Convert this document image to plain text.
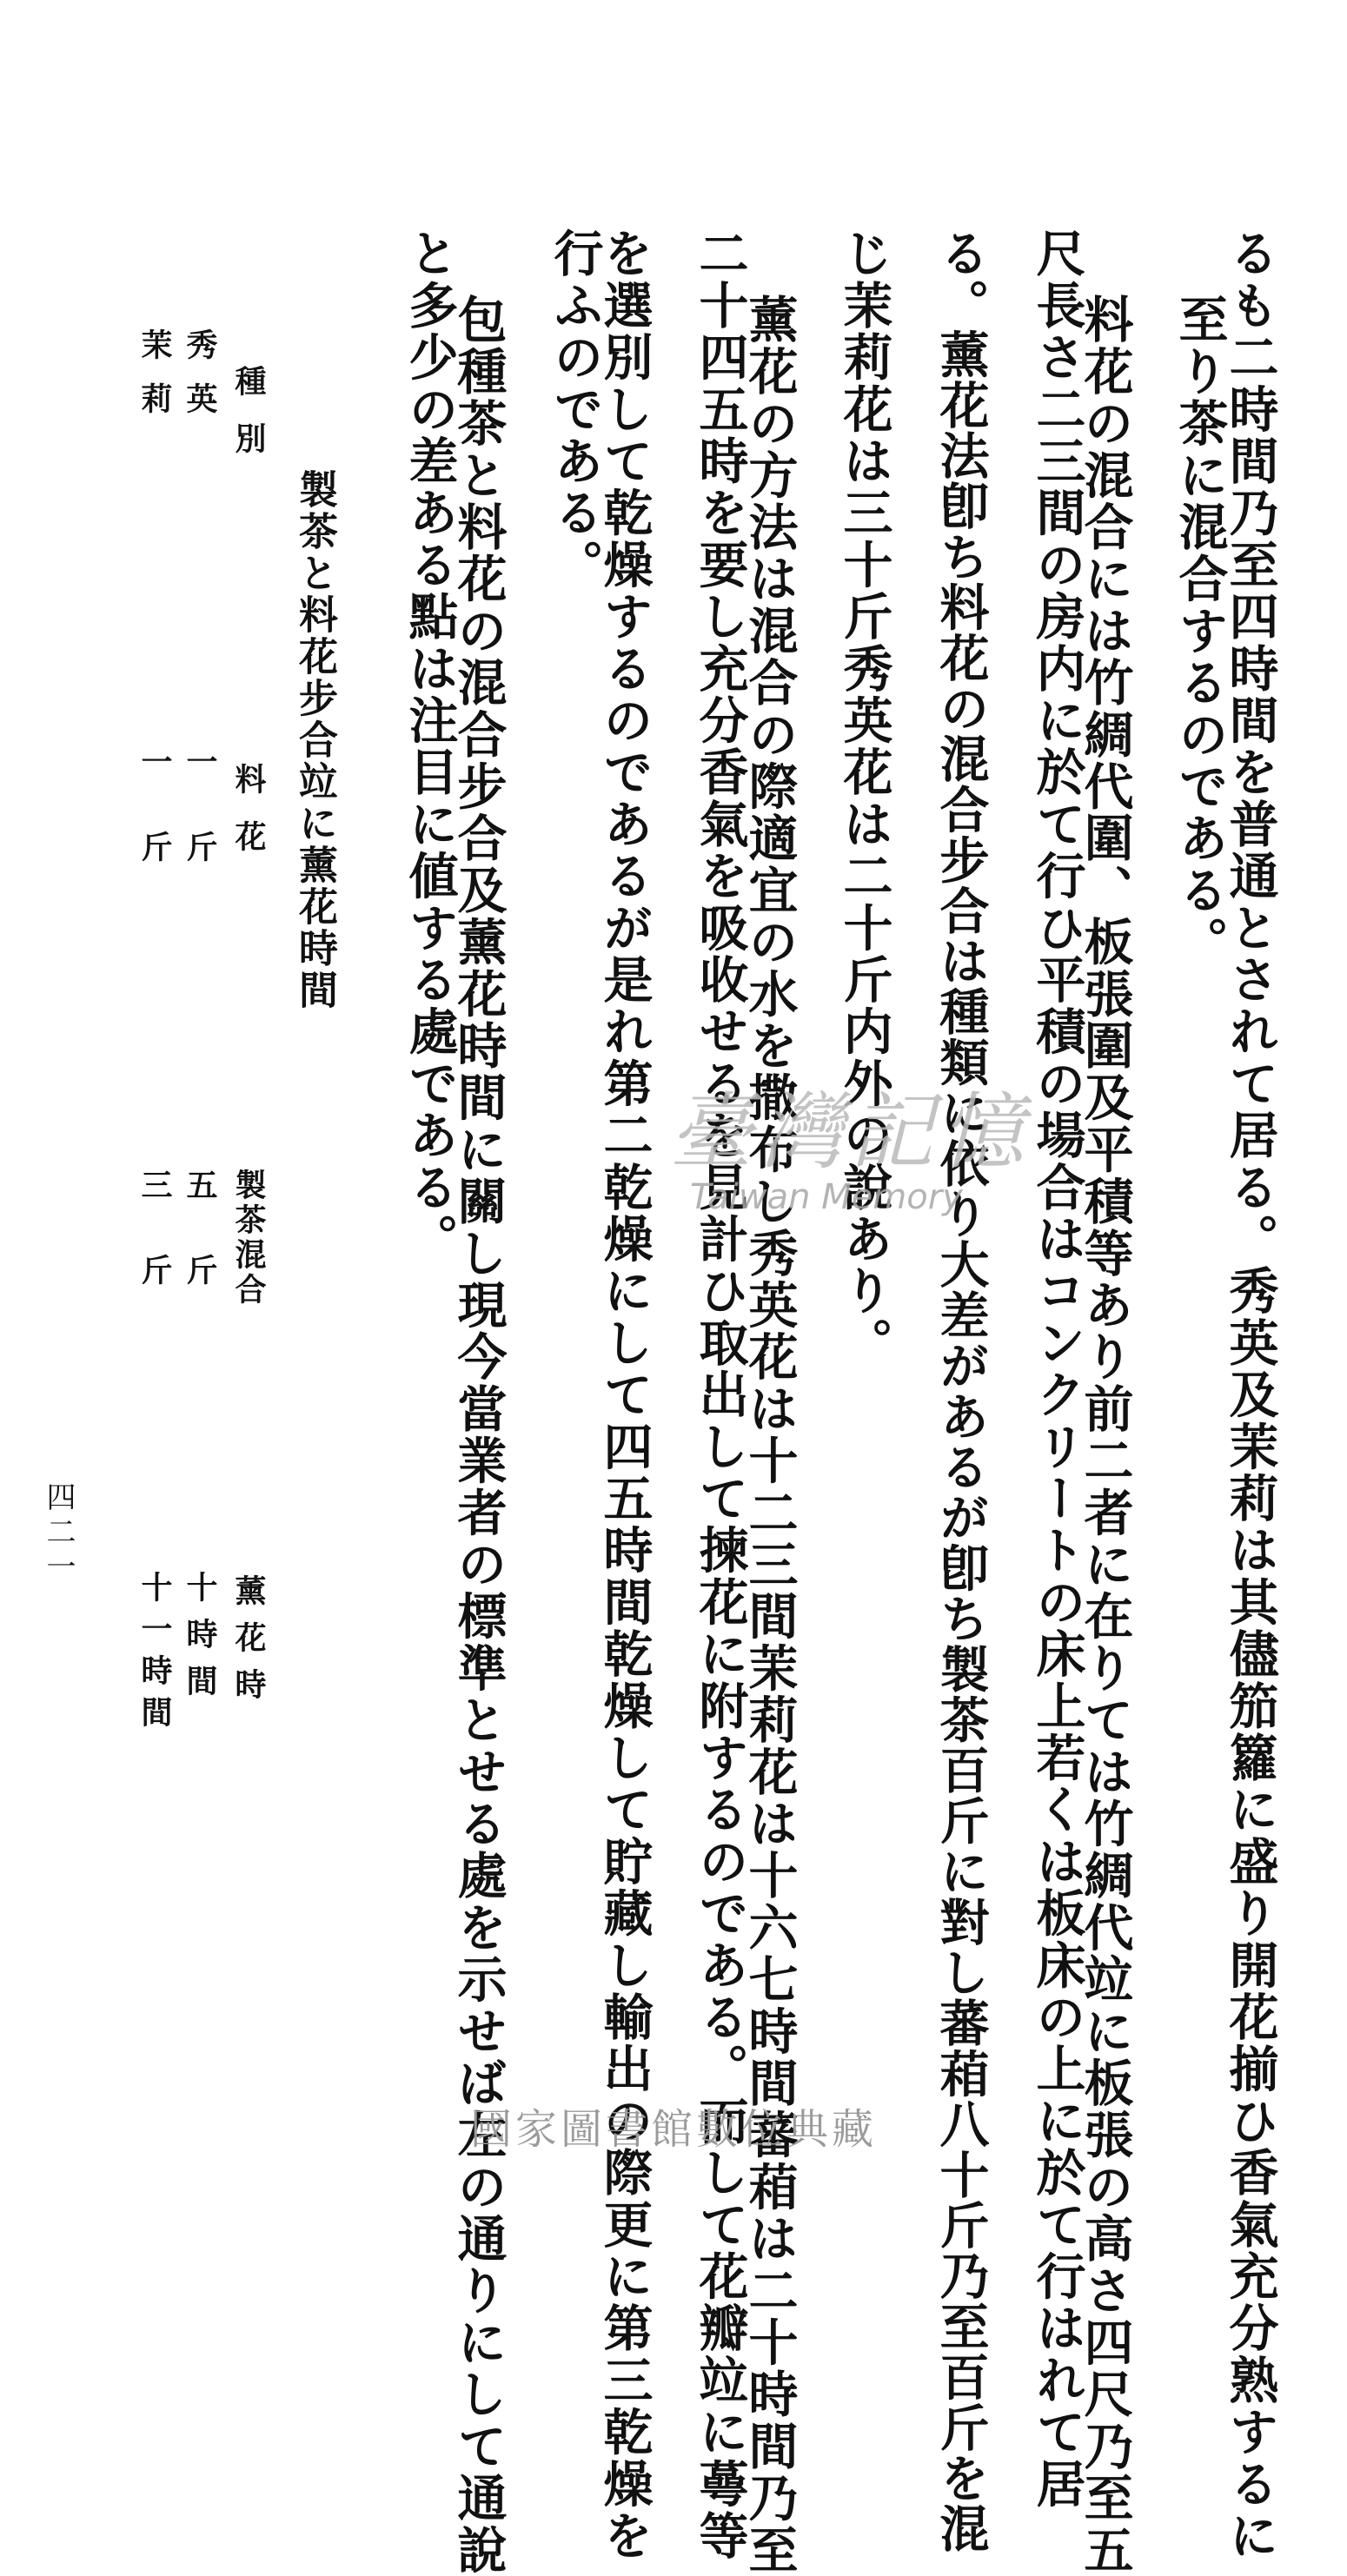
るも二時間乃至四時間を普通とされて居る。秀英及茉莉は其儘笳籮に盛り開花揃ひ香氣充分熟するに
至り茶に混合するのである。
料花の混合には竹綢代圍、板張圍及平積等あり前二者に在りては竹綢代竝に板張の高さ四尺乃至五
尺長さ二三間の房内に於て行ひ平積の場合はコンクリートの床上若くは板床の上に於て行はれて居
る。薰花法卽ち料花の混合步合は種類に依り大差があるが卽ち製茶百斤に對し蕃葙八十斤乃至百斤を混
じ茉莉花は三十斤秀英花は二十斤内外の說あり。
薰花の方法は混合の際適宜の水を撒布し秀英花は十二三間茉莉花は十六七時間蕃葙は二十時間乃至
二十四五時を要し充分香氣を吸收せるを見計ひ取出して揀花に附するのである。而して花瓣竝に蕚等
を選別して乾燥するのであるが是れ第二乾燥にして四五時間乾燥して貯藏し輸出の際更に第三乾燥を
行ふのである。
包種茶と料花の混合步合及薰花時間に關し現今當業者の標準とせる處を示せば左の通りにして通說
と多少の差ある點は注目に値する處である。
製茶と料花步合竝に薰花時間
種別
料花
製茶混合
薰花時
秀英
一斤
五斤
十時間
茉莉
一斤
三斤
十一時間
四二一
臺灣記憶
Taiwan Memory
國家圖書館數位典藏
